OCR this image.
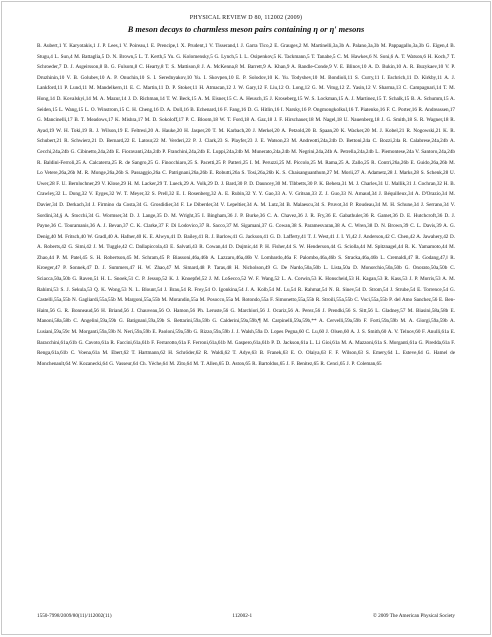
PHYSICAL REVIEW D 80, 112002 (2009)
B meson decays to charmless meson pairs containing η or η′ mesons
B. Aubert,1 Y. Karyotakis,1 J. P. Lees,1 V. Poireau,1 E. Prencipe,1 X. Prudent,1 V. Tisserand,1 J. Garra Tico,2 E. Grauges,2 M. Martinelli,3a,3b A. Palano,3a,3b M. Pappagallo,3a,3b G. Eigen,4 B. Stugu,4 L. Sun,4 M. Battaglia,5 D. N. Brown,5 L. T. Kerth,5 Yu. G. Kolomensky,5 G. Lynch,5 I. L. Osipenkov,5 K. Tackmann,5 T. Tanabe,5 C. M. Hawkes,6 N. Soni,6 A. T. Watson,6 H. Koch,7 T. Schroeder,7 D. J. Asgeirsson,8 B. G. Fulsom,8 C. Hearty,8 T. S. Mattison,8 J. A. McKenna,8 M. Barrett,9 A. Khan,9 A. Randle-Conde,9 V. E. Blinov,10 A. D. Bukin,10 A. R. Buzykaev,10 V. P. Druzhinin,10 V. B. Golubev,10 A. P. Onuchin,10 S. I. Serednyakov,10 Yu. I. Skovpen,10 E. P. Solodov,10 K. Yu. Todyshev,10 M. Bondioli,11 S. Curry,11 I. Eschrich,11 D. Kirkby,11 A. J. Lankford,11 P. Lund,11 M. Mandelkern,11 E. C. Martin,11 D. P. Stoker,11 H. Atmacan,12 J. W. Gary,12 F. Liu,12 O. Long,12 G. M. Vitug,12 Z. Yasin,12 V. Sharma,13 C. Campagnari,14 T. M. Hong,14 D. Kovalskyi,14 M. A. Mazur,14 J. D. Richman,14 T. W. Beck,15 A. M. Eisner,15 C. A. Heusch,15 J. Kroseberg,15 W. S. Lockman,15 A. J. Martinez,15 T. Schalk,15 B. A. Schumm,15 A. Seiden,15 L. Wang,15 L. O. Winstrom,15 C. H. Cheng,16 D. A. Doll,16 B. Echenard,16 F. Fang,16 D. G. Hitlin,16 I. Narsky,16 P. Ongmongkolkul,16 T. Piatenko,16 F. C. Porter,16 R. Andreassen,17 G. Mancinelli,17 B. T. Meadows,17 K. Mishra,17 M. D. Sokoloff,17 P. C. Bloom,18 W. T. Ford,18 A. Gaz,18 J. F. Hirschauer,18 M. Nagel,18 U. Nauenberg,18 J. G. Smith,18 S. R. Wagner,18 R. Ayad,19 W. H. Toki,19 R. J. Wilson,19 E. Feltresi,20 A. Hauke,20 H. Jasper,20 T. M. Karbach,20 J. Merkel,20 A. Petzold,20 B. Spaan,20 K. Wacker,20 M. J. Kobel,21 R. Nogowski,21 K. R. Schubert,21 R. Schwierz,21 D. Bernard,22 E. Latour,22 M. Verderi,22 P. J. Clark,23 S. Playfer,23 J. E. Watson,23 M. Andreotti,24a,24b D. Bettoni,24a C. Bozzi,24a R. Calabrese,24a,24b A. Cecchi,24a,24b G. Cibinetto,24a,24b E. Fioravanti,24a,24b P. Franchini,24a,24b E. Luppi,24a,24b M. Munerato,24a,24b M. Negrini,24a,24b A. Petrella,24a,24b L. Piemontese,24a V. Santoro,24a,24b R. Baldini-Ferroli,25 A. Calcaterra,25 R. de Sangro,25 G. Finocchiaro,25 S. Pacetti,25 P. Patteri,25 I. M. Peruzzi,25 M. Piccolo,25 M. Rama,25 A. Zallo,25 R. Contri,26a,26b E. Guido,26a,26b M. Lo Vetere,26a,26b M. R. Monge,26a,26b S. Passaggio,26a C. Patrignani,26a,26b E. Robutti,26a S. Tosi,26a,26b K. S. Chaisanguanthum,27 M. Morii,27 A. Adametz,28 J. Marks,28 S. Schenk,28 U. Uwer,28 F. U. Bernlochner,29 V. Klose,29 H. M. Lacker,29 T. Lueck,29 A. Volk,29 D. J. Bard,30 P. D. Dauncey,30 M. Tibbetts,30 P. K. Behera,31 M. J. Charles,31 U. Mallik,31 J. Cochran,32 H. B. Crawley,32 L. Dong,32 V. Eyges,32 W. T. Meyer,32 S. Prell,32 E. I. Rosenberg,32 A. E. Rubin,32 Y. Y. Gao,33 A. V. Gritsan,33 Z. J. Guo,33 N. Arnaud,34 J. Béquilleux,34 A. D'Orazio,34 M. Davier,34 D. Derkach,34 J. Firmino da Costa,34 G. Grosdidier,34 F. Le Diberder,34 V. Lepeltier,34 A. M. Lutz,34 B. Malaescu,34 S. Pruvot,34 P. Roudeau,34 M. H. Schune,34 J. Serrano,34 V. Sordini,34,§ A. Stocchi,34 G. Wormser,34 D. J. Lange,35 D. M. Wright,35 I. Bingham,36 J. P. Burke,36 C. A. Chavez,36 J. R. Fry,36 E. Gabathuler,36 R. Gamet,36 D. E. Hutchcroft,36 D. J. Payne,36 C. Touramanis,36 A. J. Bevan,37 C. K. Clarke,37 F. Di Lodovico,37 R. Sacco,37 M. Sigamani,37 G. Cowan,38 S. Paramesvaran,38 A. C. Wren,38 D. N. Brown,39 C. L. Davis,39 A. G. Denig,40 M. Fritsch,40 W. Gradl,40 A. Hafner,40 K. E. Alwyn,41 D. Bailey,41 R. J. Barlow,41 G. Jackson,41 G. D. Lafferty,41 T. J. West,41 J. I. Yi,42 J. Anderson,42 C. Chen,42 A. Jawahery,42 D. A. Roberts,42 G. Simi,42 J. M. Tuggle,42 C. Dallapiccola,43 E. Salvati,43 R. Cowan,44 D. Dujmic,44 P. H. Fisher,44 S. W. Henderson,44 G. Sciolla,44 M. Spitznagel,44 R. K. Yamamoto,44 M. Zhao,44 P. M. Patel,45 S. H. Robertson,45 M. Schram,45 P. Biassoni,46a,46b A. Lazzaro,46a,46b V. Lombardo,46a F. Palombo,46a,46b S. Stracka,46a,46b L. Cremaldi,47 R. Godang,47,‖ R. Kroeger,47 P. Sonnek,47 D. J. Summers,47 H. W. Zhao,47 M. Simard,48 P. Taras,48 H. Nicholson,49 G. De Nardo,50a,50b L. Lista,50a D. Monorchio,50a,50b G. Onorato,50a,50b C. Sciacca,50a,50b G. Raven,51 H. L. Snoek,51 C. P. Jessop,52 K. J. Knoepfel,52 J. M. LoSecco,52 W. F. Wang,52 L. A. Corwin,53 K. Honscheid,53 H. Kagan,53 R. Kass,53 J. P. Morris,53 A. M. Rahimi,53 S. J. Sekula,53 Q. K. Wong,53 N. L. Blount,54 J. Brau,54 R. Frey,54 O. Igonkina,54 J. A. Kolb,54 M. Lu,54 R. Rahmat,54 N. B. Sinev,54 D. Strom,54 J. Strube,54 E. Torrence,54 G. Castelli,55a,55b N. Gagliardi,55a,55b M. Margoni,55a,55b M. Morandin,55a M. Posocco,55a M. Rotondo,55a F. Simonetto,55a,55b R. Stroili,55a,55b C. Voci,55a,55b P. del Amo Sanchez,56 E. Ben-Haim,56 G. R. Bonneaud,56 H. Briand,56 J. Chauveau,56 O. Hamon,56 Ph. Leruste,56 G. Marchiori,56 J. Ocariz,56 A. Perez,56 J. Prendki,56 S. Sitt,56 L. Gladney,57 M. Biasini,58a,58b E. Manoni,58a,58b C. Angelini,59a,59b G. Batignani,59a,59b S. Bettarini,59a,59b G. Calderini,59a,59b,¶ M. Carpinelli,59a,59b,** A. Cervelli,59a,59b F. Forti,59a,59b M. A. Giorgi,59a,59b A. Lusiani,59a,59c M. Morganti,59a,59b N. Neri,59a,59b E. Paoloni,59a,59b G. Rizzo,59a,59b J. J. Walsh,59a D. Lopes Pegna,60 C. Lu,60 J. Olsen,60 A. J. S. Smith,60 A. V. Telnov,60 F. Anulli,61a E. Baracchini,61a,61b G. Cavoto,61a R. Faccini,61a,61b F. Ferrarotto,61a F. Ferroni,61a,61b M. Gaspero,61a,61b P. D. Jackson,61a L. Li Gioi,61a M. A. Mazzoni,61a S. Morganti,61a G. Piredda,61a F. Renga,61a,61b C. Voena,61a M. Ebert,62 T. Hartmann,62 H. Schröder,62 R. Waldi,62 T. Adye,63 B. Franek,63 E. O. Olaiya,63 F. F. Wilson,63 S. Emery,64 L. Esteve,64 G. Hamel de Monchenault,64 W. Kozanecki,64 G. Vasseur,64 Ch. Yèche,64 M. Zito,64 M. T. Allen,65 D. Aston,65 R. Bartoldus,65 J. F. Benitez,65 R. Cenci,65 J. P. Coleman,65
1550-7998/2009/80(11)/112002(11)	112002-1	© 2009 The American Physical Society
